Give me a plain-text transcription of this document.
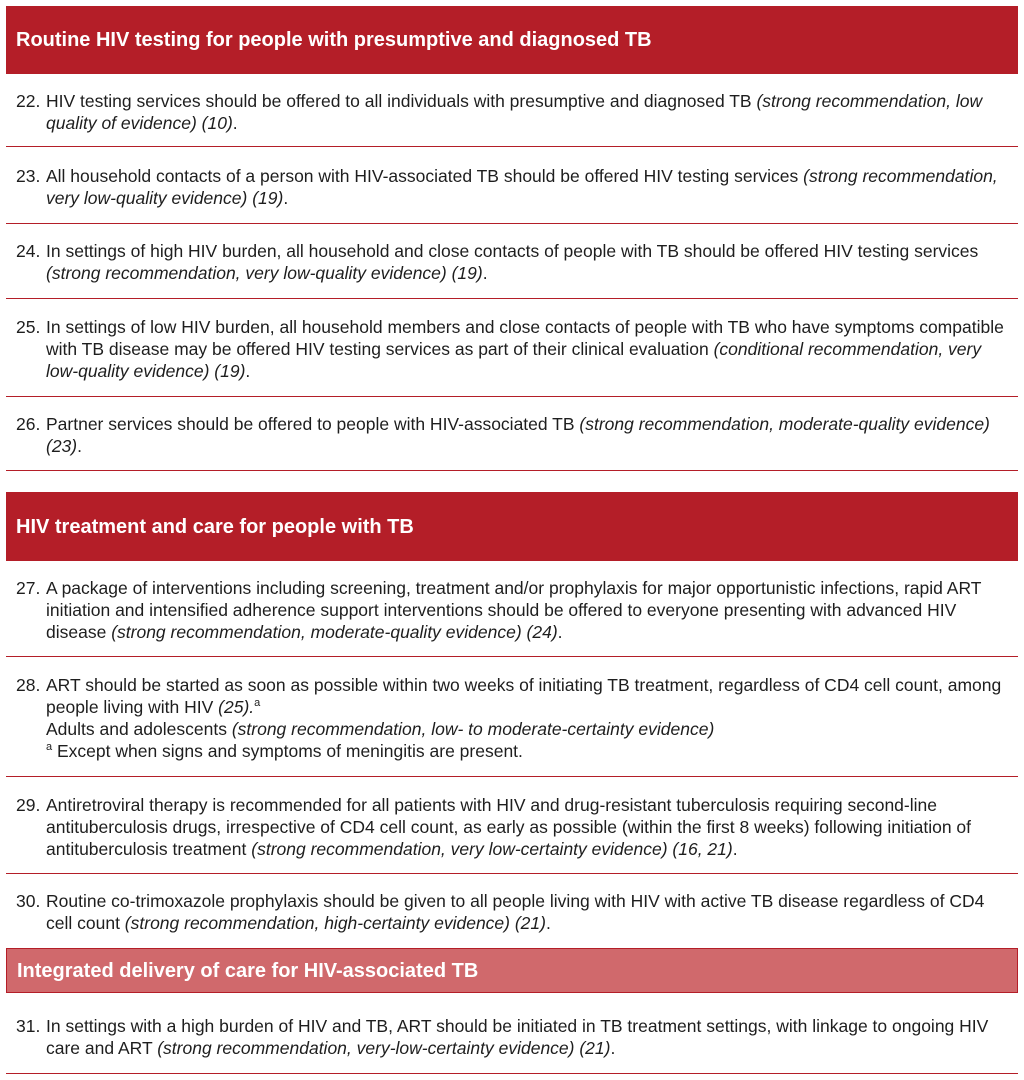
Routine HIV testing for people with presumptive and diagnosed TB
22. HIV testing services should be offered to all individuals with presumptive and diagnosed TB (strong recommendation, low quality of evidence) (10).
23. All household contacts of a person with HIV-associated TB should be offered HIV testing services (strong recommendation, very low-quality evidence) (19).
24. In settings of high HIV burden, all household and close contacts of people with TB should be offered HIV testing services (strong recommendation, very low-quality evidence) (19).
25. In settings of low HIV burden, all household members and close contacts of people with TB who have symptoms compatible with TB disease may be offered HIV testing services as part of their clinical evaluation (conditional recommendation, very low-quality evidence) (19).
26. Partner services should be offered to people with HIV-associated TB (strong recommendation, moderate-quality evidence) (23).
HIV treatment and care for people with TB
27. A package of interventions including screening, treatment and/or prophylaxis for major opportunistic infections, rapid ART initiation and intensified adherence support interventions should be offered to everyone presenting with advanced HIV disease (strong recommendation, moderate-quality evidence) (24).
28. ART should be started as soon as possible within two weeks of initiating TB treatment, regardless of CD4 cell count, among people living with HIV (25).$^a$
Adults and adolescents (strong recommendation, low- to moderate-certainty evidence)
$^a$ Except when signs and symptoms of meningitis are present.
29. Antiretroviral therapy is recommended for all patients with HIV and drug-resistant tuberculosis requiring second-line antituberculosis drugs, irrespective of CD4 cell count, as early as possible (within the first 8 weeks) following initiation of antituberculosis treatment (strong recommendation, very low-certainty evidence) (16, 21).
30. Routine co-trimoxazole prophylaxis should be given to all people living with HIV with active TB disease regardless of CD4 cell count (strong recommendation, high-certainty evidence) (21).
Integrated delivery of care for HIV-associated TB
31. In settings with a high burden of HIV and TB, ART should be initiated in TB treatment settings, with linkage to ongoing HIV care and ART (strong recommendation, very-low-certainty evidence) (21).
